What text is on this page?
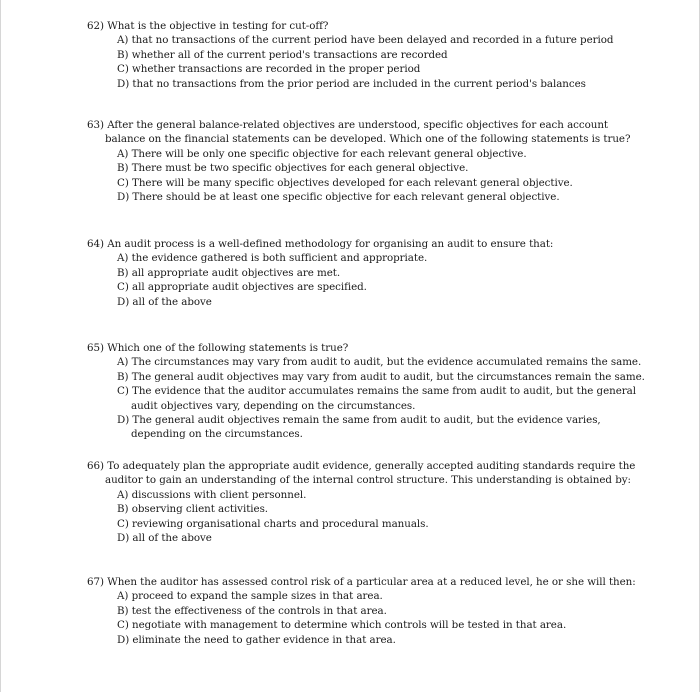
62) What is the objective in testing for cut-off?

A) that no transactions of the current period have been delayed and recorded in a future period
B) whether all of the current period's transactions are recorded
C) whether transactions are recorded in the proper period
D) that no transactions from the prior period are included in the current period's balances

63) After the general balance-related objectives are understood, specific objectives for each account balance on the financial statements can be developed. Which one of the following statements is true?

A) There will be only one specific objective for each relevant general objective.
B) There must be two specific objectives for each general objective.
C) There will be many specific objectives developed for each relevant general objective.
D) There should be at least one specific objective for each relevant general objective.

64) An audit process is a well-defined methodology for organising an audit to ensure that:

A) the evidence gathered is both sufficient and appropriate.
B) all appropriate audit objectives are met.
C) all appropriate audit objectives are specified.
D) all of the above

65) Which one of the following statements is true?

A) The circumstances may vary from audit to audit, but the evidence accumulated remains the same.
B) The general audit objectives may vary from audit to audit, but the circumstances remain the same.
C) The evidence that the auditor accumulates remains the same from audit to audit, but the general audit objectives vary, depending on the circumstances.
D) The general audit objectives remain the same from audit to audit, but the evidence varies, depending on the circumstances.

66) To adequately plan the appropriate audit evidence, generally accepted auditing standards require the auditor to gain an understanding of the internal control structure. This understanding is obtained by:

A) discussions with client personnel.
B) observing client activities.
C) reviewing organisational charts and procedural manuals.
D) all of the above

67) When the auditor has assessed control risk of a particular area at a reduced level, he or she will then:

A) proceed to expand the sample sizes in that area.
B) test the effectiveness of the controls in that area.
C) negotiate with management to determine which controls will be tested in that area.
D) eliminate the need to gather evidence in that area.
